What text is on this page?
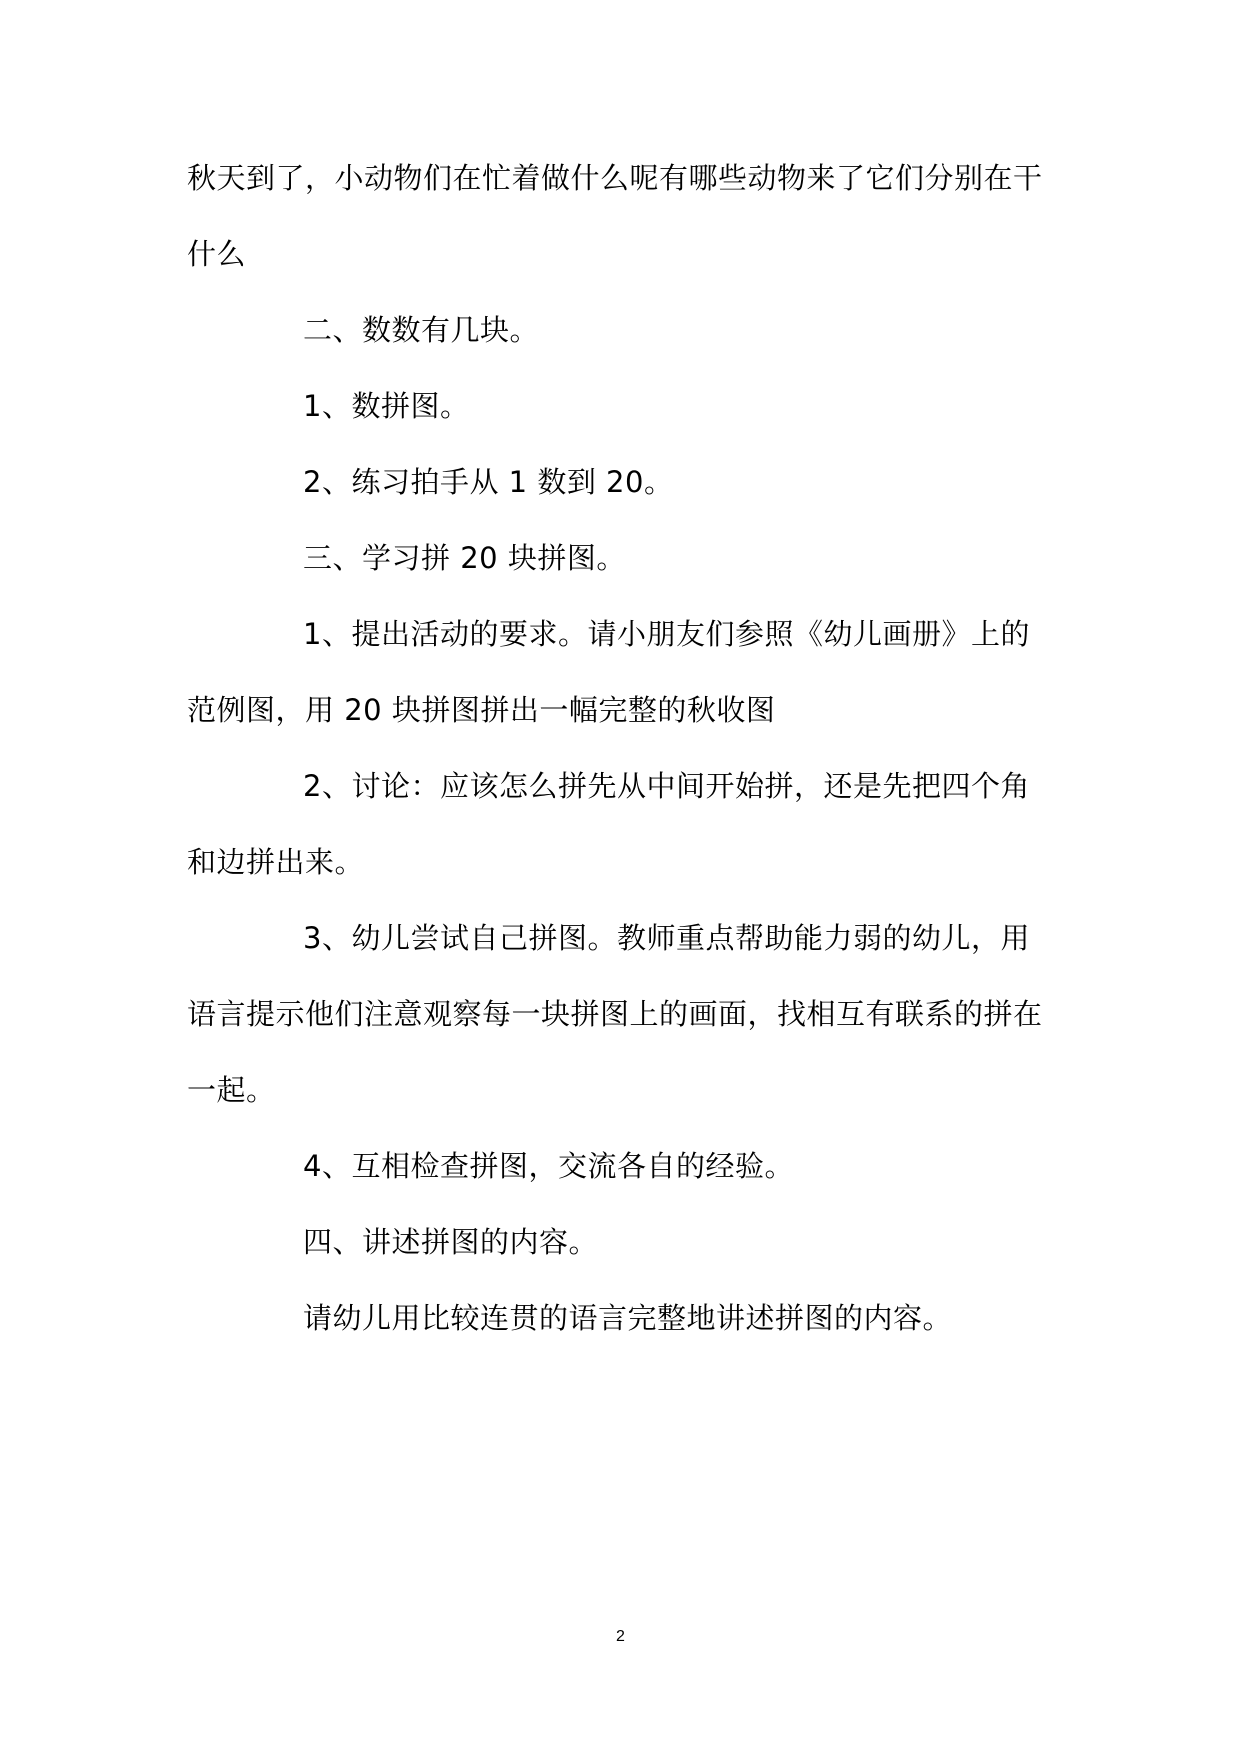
秋天到了，小动物们在忙着做什么呢有哪些动物来了它们分别在干什么

二、数数有几块。

1、数拼图。

2、练习拍手从 1 数到 20。

三、学习拼 20 块拼图。

1、提出活动的要求。请小朋友们参照《幼儿画册》上的范例图，用 20 块拼图拼出一幅完整的秋收图

2、讨论：应该怎么拼先从中间开始拼，还是先把四个角和边拼出来。

3、幼儿尝试自己拼图。教师重点帮助能力弱的幼儿，用语言提示他们注意观察每一块拼图上的画面，找相互有联系的拼在一起。

4、互相检查拼图，交流各自的经验。

四、讲述拼图的内容。

请幼儿用比较连贯的语言完整地讲述拼图的内容。

2
